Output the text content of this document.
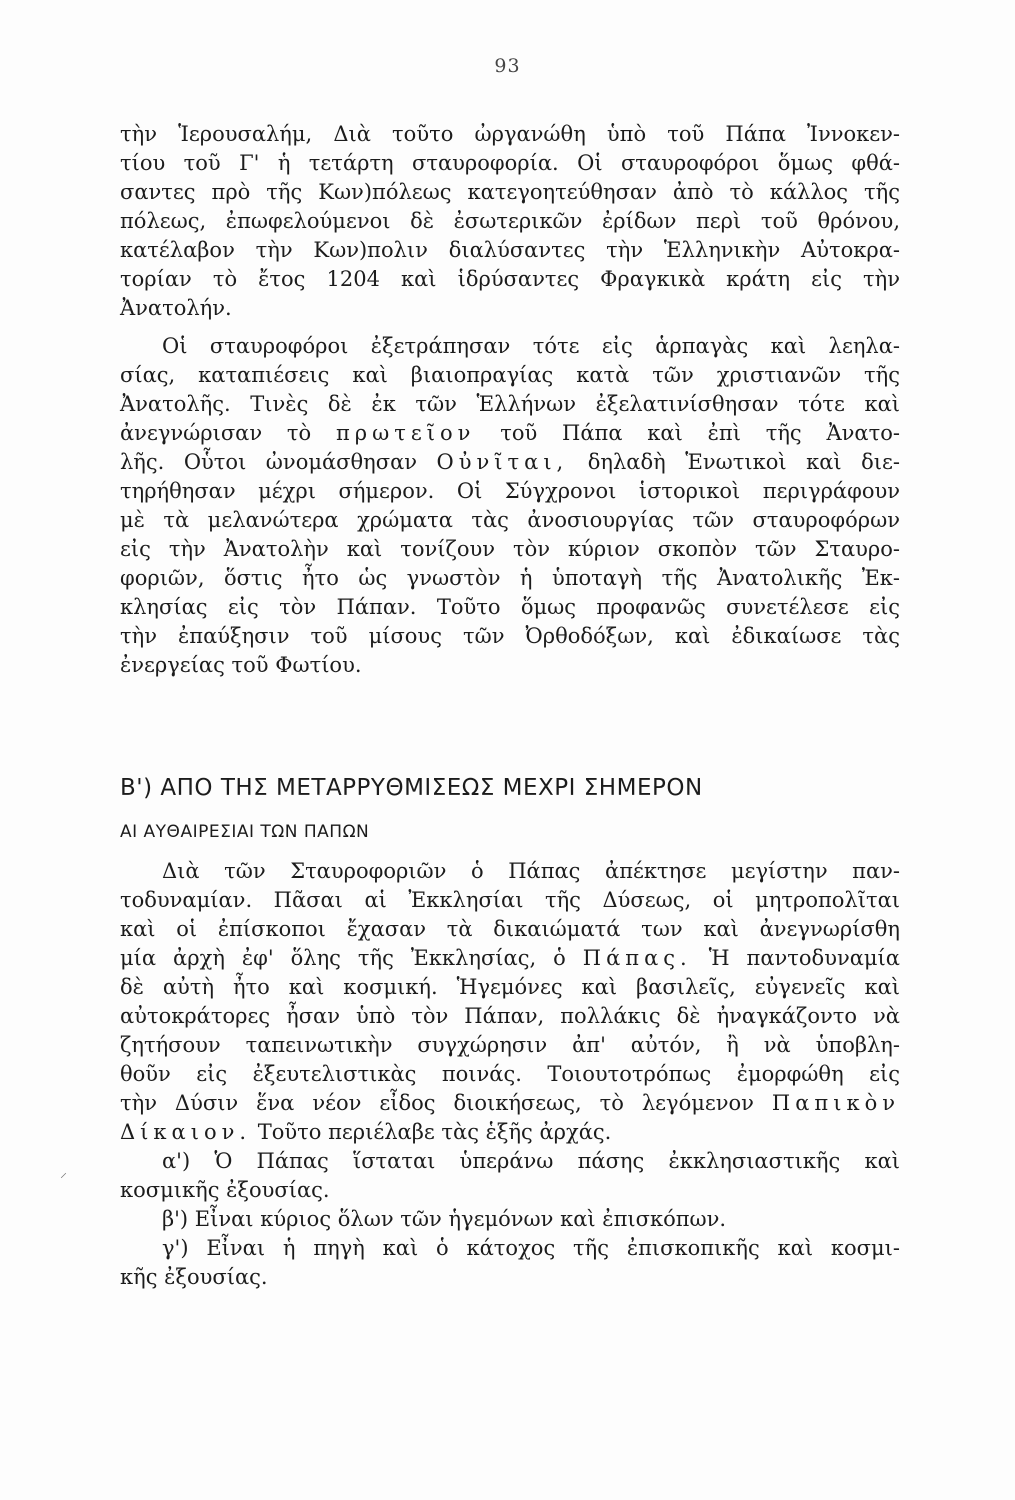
93
τὴν Ἱερουσαλήμ, Διὰ τοῦτο ὠργανώθη ὑπὸ τοῦ Πάπα Ἰννοκεν-
τίου τοῦ Γ' ἡ τετάρτη σταυροφορία. Οἱ σταυροφόροι ὅμως φθά-
σαντες πρὸ τῆς Κων)πόλεως κατεγοητεύθησαν ἀπὸ τὸ κάλλος τῆς
πόλεως, ἐπωφελούμενοι δὲ ἐσωτερικῶν ἐρίδων περὶ τοῦ θρόνου,
κατέλαβον τὴν Κων)πολιν διαλύσαντες τὴν Ἑλληνικὴν Αὐτοκρα-
τορίαν τὸ ἔτος 1204 καὶ ἱδρύσαντες Φραγκικὰ κράτη εἰς τὴν
Ἀνατολήν.
Οἱ σταυροφόροι ἐξετράπησαν τότε εἰς ἁρπαγὰς καὶ λεηλα-
σίας, καταπιέσεις καὶ βιαιοπραγίας κατὰ τῶν χριστιανῶν τῆς
Ἀνατολῆς. Τινὲς δὲ ἐκ τῶν Ἑλλήνων ἐξελατινίσθησαν τότε καὶ
ἀνεγνώρισαν τὸ πρωτεῖον τοῦ Πάπα καὶ ἐπὶ τῆς Ἀνατο-
λῆς. Οὗτοι ὠνομάσθησαν Οὐνῖται, δηλαδὴ Ἑνωτικοὶ καὶ διε-
τηρήθησαν μέχρι σήμερον. Οἱ Σύγχρονοι ἱστορικοὶ περιγράφουν
μὲ τὰ μελανώτερα χρώματα τὰς ἀνοσιουργίας τῶν σταυροφόρων
εἰς τὴν Ἀνατολὴν καὶ τονίζουν τὸν κύριον σκοπὸν τῶν Σταυρο-
φοριῶν, ὅστις ἦτο ὡς γνωστὸν ἡ ὑποταγὴ τῆς Ἀνατολικῆς Ἐκ-
κλησίας εἰς τὸν Πάπαν. Τοῦτο ὅμως προφανῶς συνετέλεσε εἰς
τὴν ἐπαύξησιν τοῦ μίσους τῶν Ὀρθοδόξων, καὶ ἐδικαίωσε τὰς
ἐνεργείας τοῦ Φωτίου.
Β') ΑΠΟ ΤΗΣ ΜΕΤΑΡΡΥΘΜΙΣΕΩΣ ΜΕΧΡΙ ΣΗΜΕΡΟΝ
ΑΙ ΑΥΘΑΙΡΕΣΙΑΙ ΤΩΝ ΠΑΠΩΝ
Διὰ τῶν Σταυροφοριῶν ὁ Πάπας ἀπέκτησε μεγίστην παν-
τοδυναμίαν. Πᾶσαι αἱ Ἐκκλησίαι τῆς Δύσεως, οἱ μητροπολῖται
καὶ οἱ ἐπίσκοποι ἔχασαν τὰ δικαιώματά των καὶ ἀνεγνωρίσθη
μία ἀρχὴ ἐφ' ὅλης τῆς Ἐκκλησίας, ὁ Πάπας. Ἡ παντοδυναμία
δὲ αὐτὴ ἦτο καὶ κοσμική. Ἡγεμόνες καὶ βασιλεῖς, εὐγενεῖς καὶ
αὐτοκράτορες ἦσαν ὑπὸ τὸν Πάπαν, πολλάκις δὲ ἠναγκάζοντο νὰ
ζητήσουν ταπεινωτικὴν συγχώρησιν ἀπ' αὐτόν, ἢ νὰ ὑποβλη-
θοῦν εἰς ἐξευτελιστικὰς ποινάς. Τοιουτοτρόπως ἐμορφώθη εἰς
τὴν Δύσιν ἕνα νέον εἶδος διοικήσεως, τὸ λεγόμενον Παπικὸν
Δίκαιον. Τοῦτο περιέλαβε τὰς ἑξῆς ἀρχάς.
α') Ὁ Πάπας ἵσταται ὑπεράνω πάσης ἐκκλησιαστικῆς καὶ
κοσμικῆς ἐξουσίας.
β') Εἶναι κύριος ὅλων τῶν ἡγεμόνων καὶ ἐπισκόπων.
γ') Εἶναι ἡ πηγὴ καὶ ὁ κάτοχος τῆς ἐπισκοπικῆς καὶ κοσμι-
κῆς ἐξουσίας.
⸝
